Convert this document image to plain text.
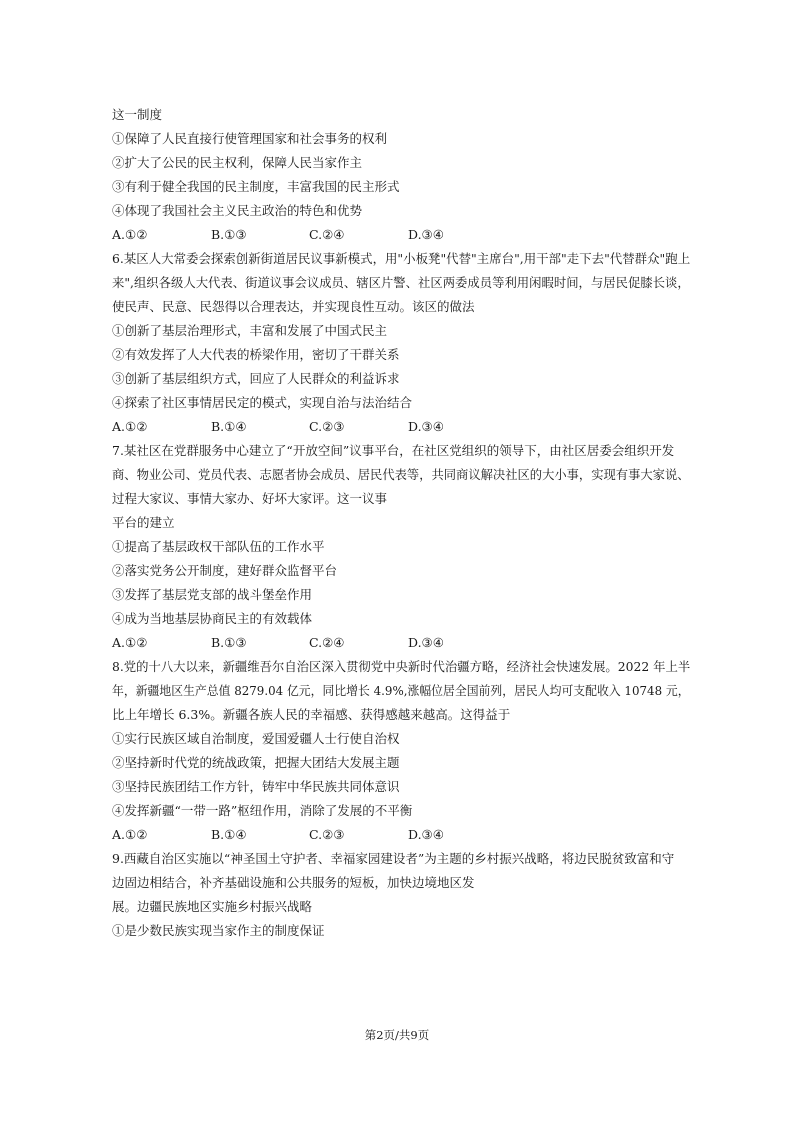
这一制度
①保障了人民直接行使管理国家和社会事务的权利
②扩大了公民的民主权利，保障人民当家作主
③有利于健全我国的民主制度，丰富我国的民主形式
④体现了我国社会主义民主政治的特色和优势
A.①②	B.①③	C.②④	D.③④
6.某区人大常委会探索创新街道居民议事新模式，用"小板凳"代替"主席台",用干部"走下去"代替群众"跑上
来",组织各级人大代表、街道议事会议成员、辖区片警、社区两委成员等利用闲暇时间，与居民促膝长谈，
使民声、民意、民怨得以合理表达，并实现良性互动。该区的做法
①创新了基层治理形式，丰富和发展了中国式民主
②有效发挥了人大代表的桥梁作用，密切了干群关系
③创新了基层组织方式，回应了人民群众的利益诉求
④探索了社区事情居民定的模式，实现自治与法治结合
A.①②	B.①④	C.②③	D.③④
7.某社区在党群服务中心建立了“开放空间”议事平台，在社区党组织的领导下，由社区居委会组织开发
商、物业公司、党员代表、志愿者协会成员、居民代表等，共同商议解决社区的大小事，实现有事大家说、
过程大家议、事情大家办、好坏大家评。这一议事
平台的建立
①提高了基层政权干部队伍的工作水平
②落实党务公开制度，建好群众监督平台
③发挥了基层党支部的战斗堡垒作用
④成为当地基层协商民主的有效载体
A.①②	B.①③	C.②④	D.③④
8.党的十八大以来，新疆维吾尔自治区深入贯彻党中央新时代治疆方略，经济社会快速发展。2022 年上半
年，新疆地区生产总值 8279.04 亿元，同比增长 4.9%,涨幅位居全国前列，居民人均可支配收入 10748 元，
比上年增长 6.3%。新疆各族人民的幸福感、获得感越来越高。这得益于
①实行民族区域自治制度，爱国爱疆人士行使自治权
②坚持新时代党的统战政策，把握大团结大发展主题
③坚持民族团结工作方针，铸牢中华民族共同体意识
④发挥新疆“一带一路”枢纽作用，消除了发展的不平衡
A.①②	B.①④	C.②③	D.③④
9.西藏自治区实施以“神圣国土守护者、幸福家园建设者”为主题的乡村振兴战略，将边民脱贫致富和守
边固边相结合，补齐基础设施和公共服务的短板，加快边境地区发
展。边疆民族地区实施乡村振兴战略
①是少数民族实现当家作主的制度保证
第2页/共9页
